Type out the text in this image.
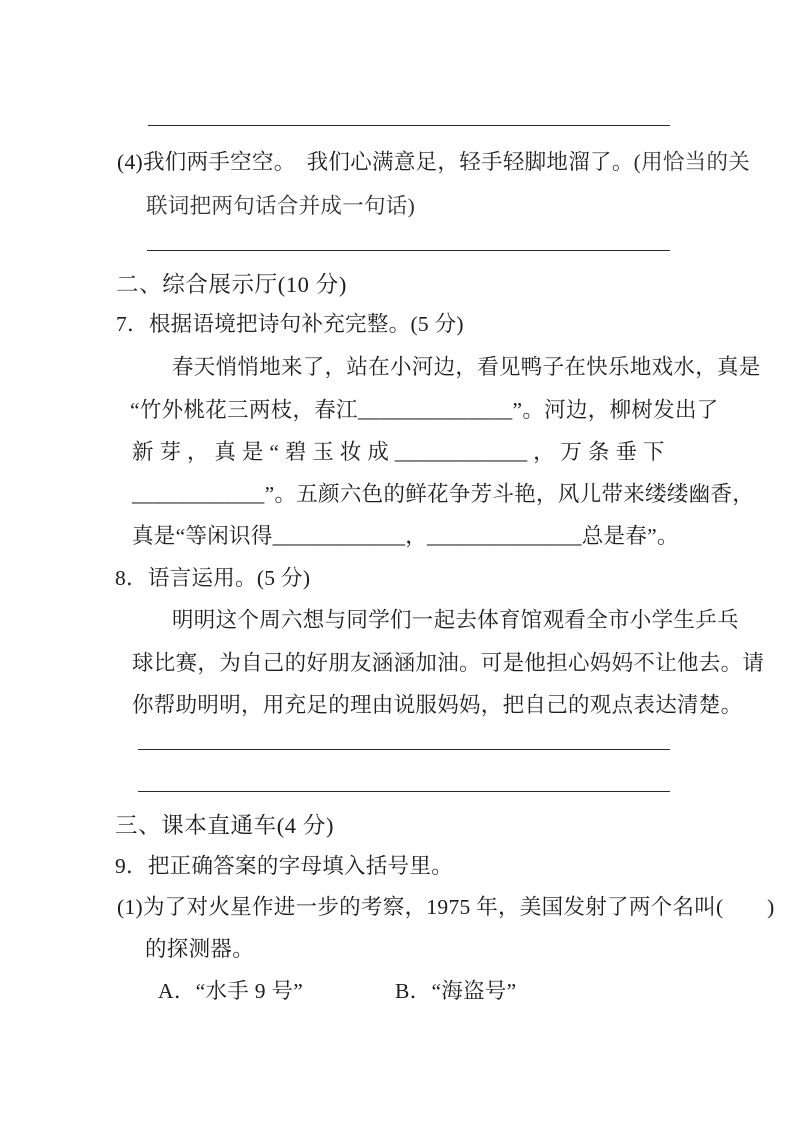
(4)我们两手空空。　我们心满意足，轻手轻脚地溜了。(用恰当的关
联词把两句话合并成一句话)
二、综合展示厅(10 分)
7．根据语境把诗句补充完整。(5 分)
春天悄悄地来了，站在小河边，看见鸭子在快乐地戏水，真是
“竹外桃花三两枝，春江______________”。河边，柳树发出了
新 芽 ， 真 是 “ 碧 玉 妆 成 ____________ ， 万 条 垂 下
____________”。五颜六色的鲜花争芳斗艳，风儿带来缕缕幽香，
真是“等闲识得____________，______________总是春”。
8．语言运用。(5 分)
明明这个周六想与同学们一起去体育馆观看全市小学生乒乓
球比赛，为自己的好朋友涵涵加油。可是他担心妈妈不让他去。请
你帮助明明，用充足的理由说服妈妈，把自己的观点表达清楚。
三、课本直通车(4 分)
9．把正确答案的字母填入括号里。
(1)为了对火星作进一步的考察，1975 年，美国发射了两个名叫(　　)
的探测器。
A．“水手 9 号”	B．“海盗号”
